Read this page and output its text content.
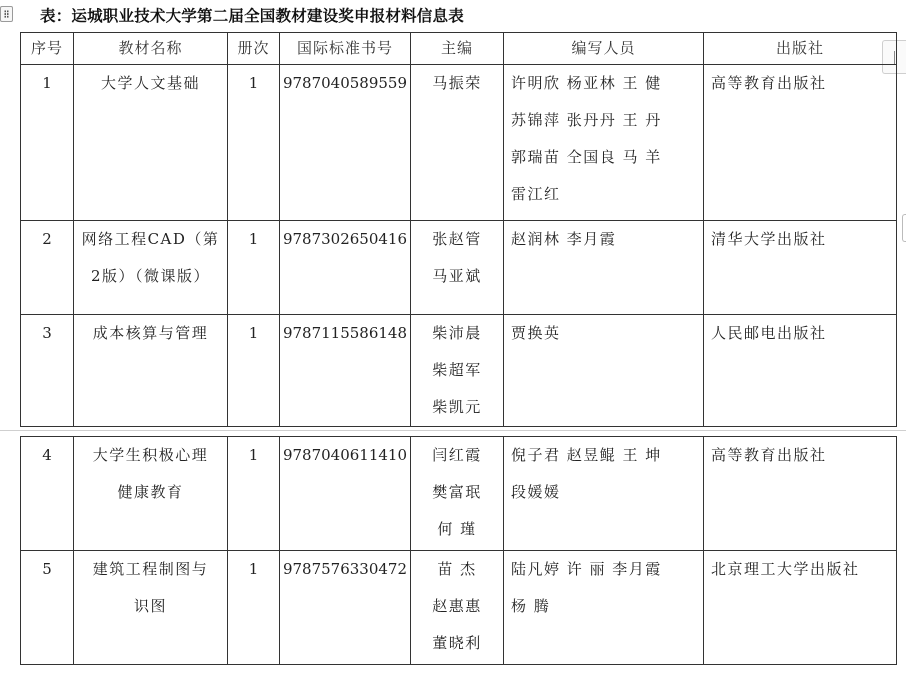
表：运城职业技术大学第二届全国教材建设奖申报材料信息表
序号	教材名称	册次	国际标准书号	主编	编写人员	出版社
1	大学人文基础	1	9787040589559	马振荣	许明欣 杨亚林 王 健
苏锦萍 张丹丹 王 丹
郭瑞苗 仝国良 马 羊
雷江红	高等教育出版社
2	网络工程CAD（第
2版）（微课版）	1	9787302650416	张赵管
马亚斌	赵润林 李月霞	清华大学出版社
3	成本核算与管理	1	9787115586148	柴沛晨
柴超军
柴凯元	贾换英	人民邮电出版社
4	大学生积极心理
健康教育	1	9787040611410	闫红霞
樊富珉
何 瑾	倪子君 赵昱鲲 王 坤
段媛媛	高等教育出版社
5	建筑工程制图与
识图	1	9787576330472	苗 杰
赵惠惠
董晓利	陆凡婷 许 丽 李月霞
杨 腾	北京理工大学出版社
